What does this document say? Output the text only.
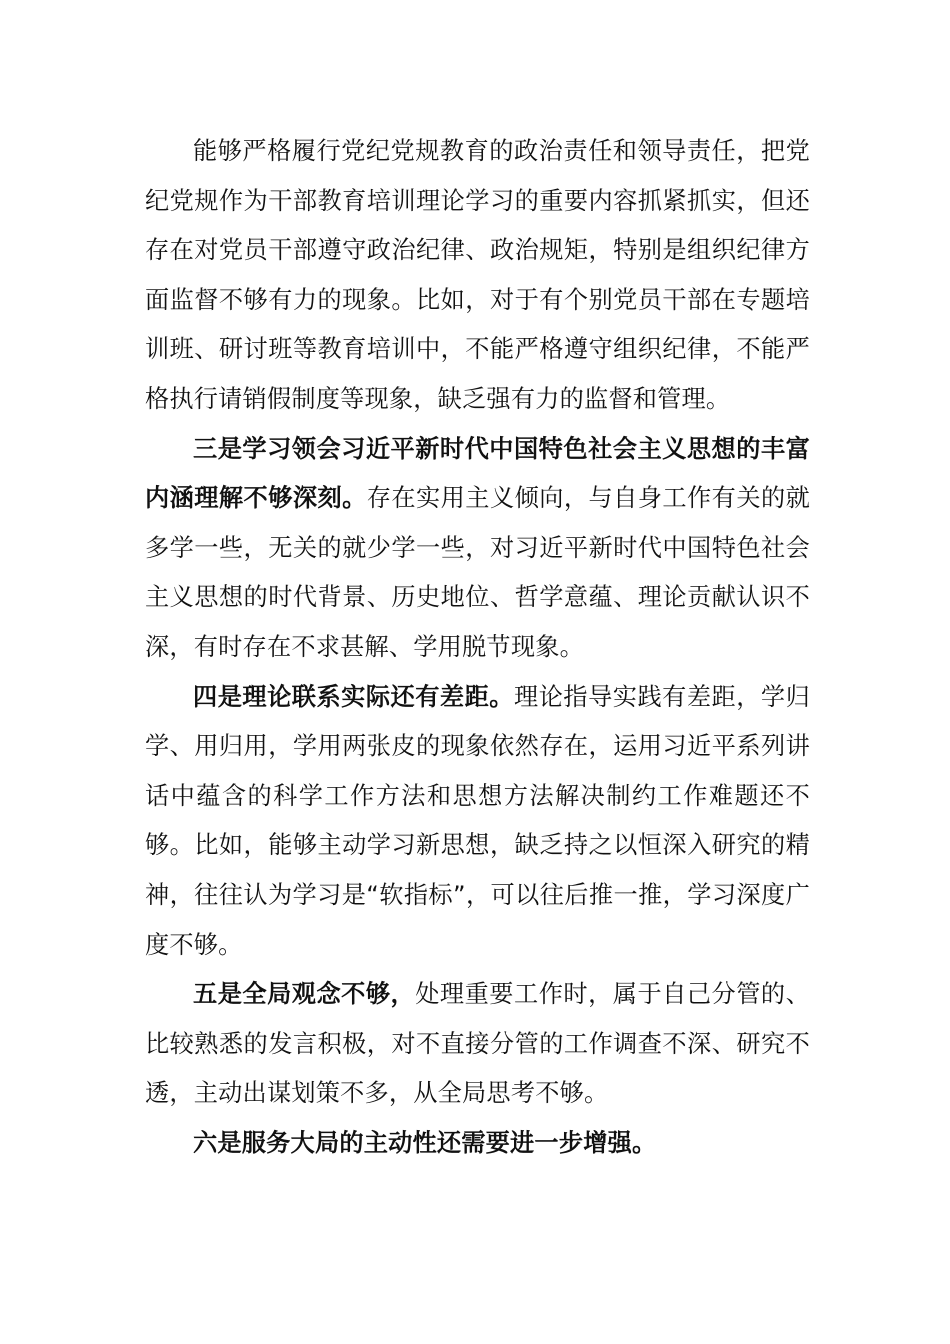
能够严格履行党纪党规教育的政治责任和领导责任，把党纪党规作为干部教育培训理论学习的重要内容抓紧抓实，但还存在对党员干部遵守政治纪律、政治规矩，特别是组织纪律方面监督不够有力的现象。比如，对于有个别党员干部在专题培训班、研讨班等教育培训中，不能严格遵守组织纪律，不能严格执行请销假制度等现象，缺乏强有力的监督和管理。

三是学习领会习近平新时代中国特色社会主义思想的丰富内涵理解不够深刻。存在实用主义倾向，与自身工作有关的就多学一些，无关的就少学一些，对习近平新时代中国特色社会主义思想的时代背景、历史地位、哲学意蕴、理论贡献认识不深，有时存在不求甚解、学用脱节现象。

四是理论联系实际还有差距。理论指导实践有差距，学归学、用归用，学用两张皮的现象依然存在，运用习近平系列讲话中蕴含的科学工作方法和思想方法解决制约工作难题还不够。比如，能够主动学习新思想，缺乏持之以恒深入研究的精神，往往认为学习是“软指标”，可以往后推一推，学习深度广度不够。

五是全局观念不够，处理重要工作时，属于自己分管的、比较熟悉的发言积极，对不直接分管的工作调查不深、研究不透，主动出谋划策不多，从全局思考不够。

六是服务大局的主动性还需要进一步增强。
